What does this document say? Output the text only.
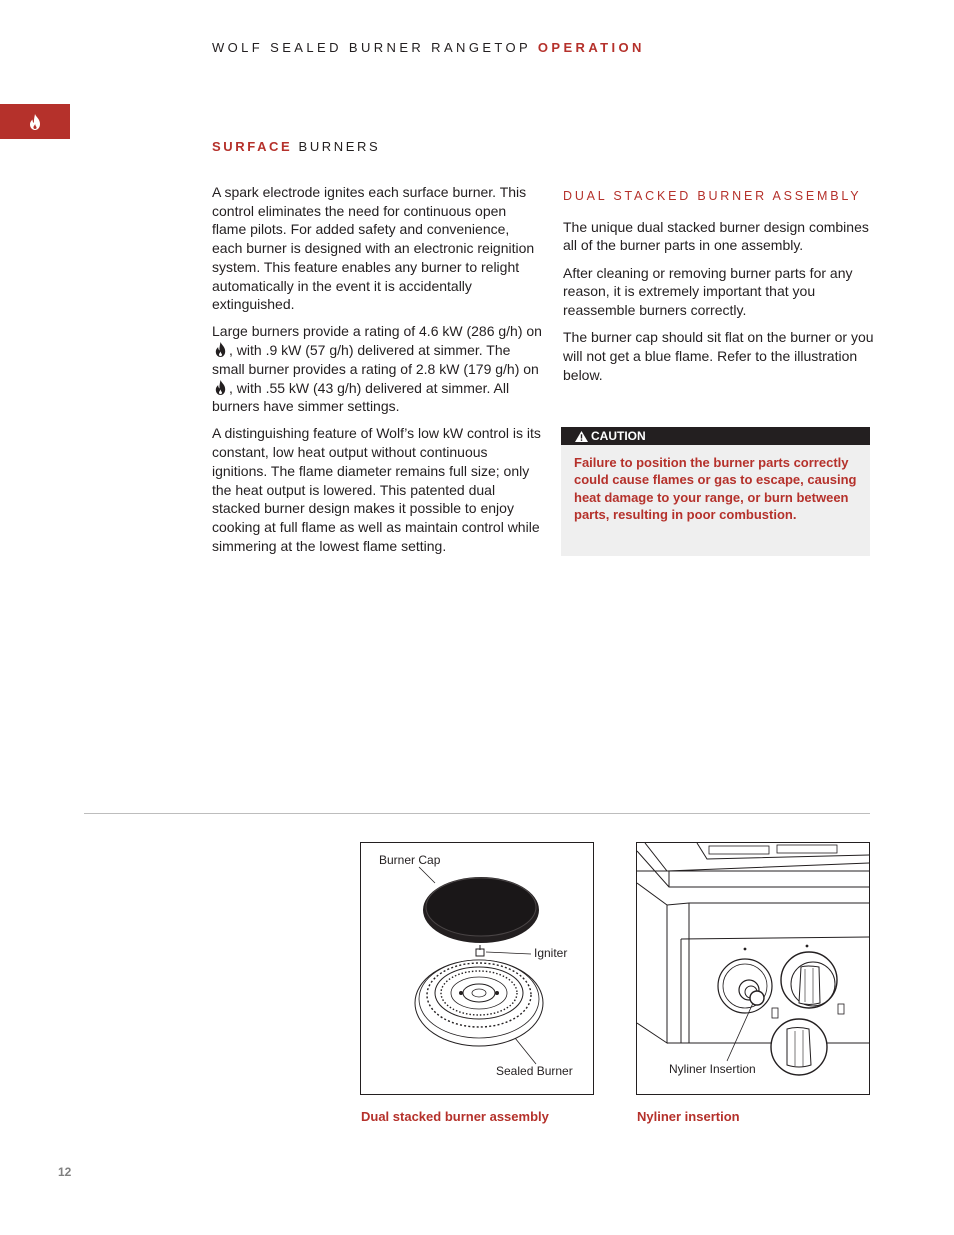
WOLF SEALED BURNER RANGETOP OPERATION
SURFACE BURNERS

A spark electrode ignites each surface burner. This control eliminates the need for continuous open flame pilots. For added safety and convenience, each burner is designed with an electronic reignition system. This feature enables any burner to relight automatically in the event it is accidentally extinguished.

Large burners provide a rating of 4.6 kW (286 g/h) on, with .9 kW (57 g/h) delivered at simmer. The small burner provides a rating of 2.8 kW (179 g/h) on, with .55 kW (43 g/h) delivered at simmer. All burners have simmer settings.

A distinguishing feature of Wolf’s low kW control is its constant, low heat output without continuous ignitions. The flame diameter remains full size; only the heat output is lowered. This patented dual stacked burner design makes it possible to enjoy cooking at full flame as well as maintain control while simmering at the lowest flame setting.

DUAL STACKED BURNER ASSEMBLY

The unique dual stacked burner design combines all of the burner parts in one assembly.

After cleaning or removing burner parts for any reason, it is extremely important that you reassemble burners correctly.

The burner cap should sit flat on the burner or you will not get a blue flame. Refer to the illustration below.

CAUTION
Failure to position the burner parts correctly could cause flames or gas to escape, causing heat damage to your range, or burn between parts, resulting in poor combustion.
Burner Cap
Igniter
Sealed Burner	Nyliner Insertion
Dual stacked burner assembly	Nyliner insertion
12
